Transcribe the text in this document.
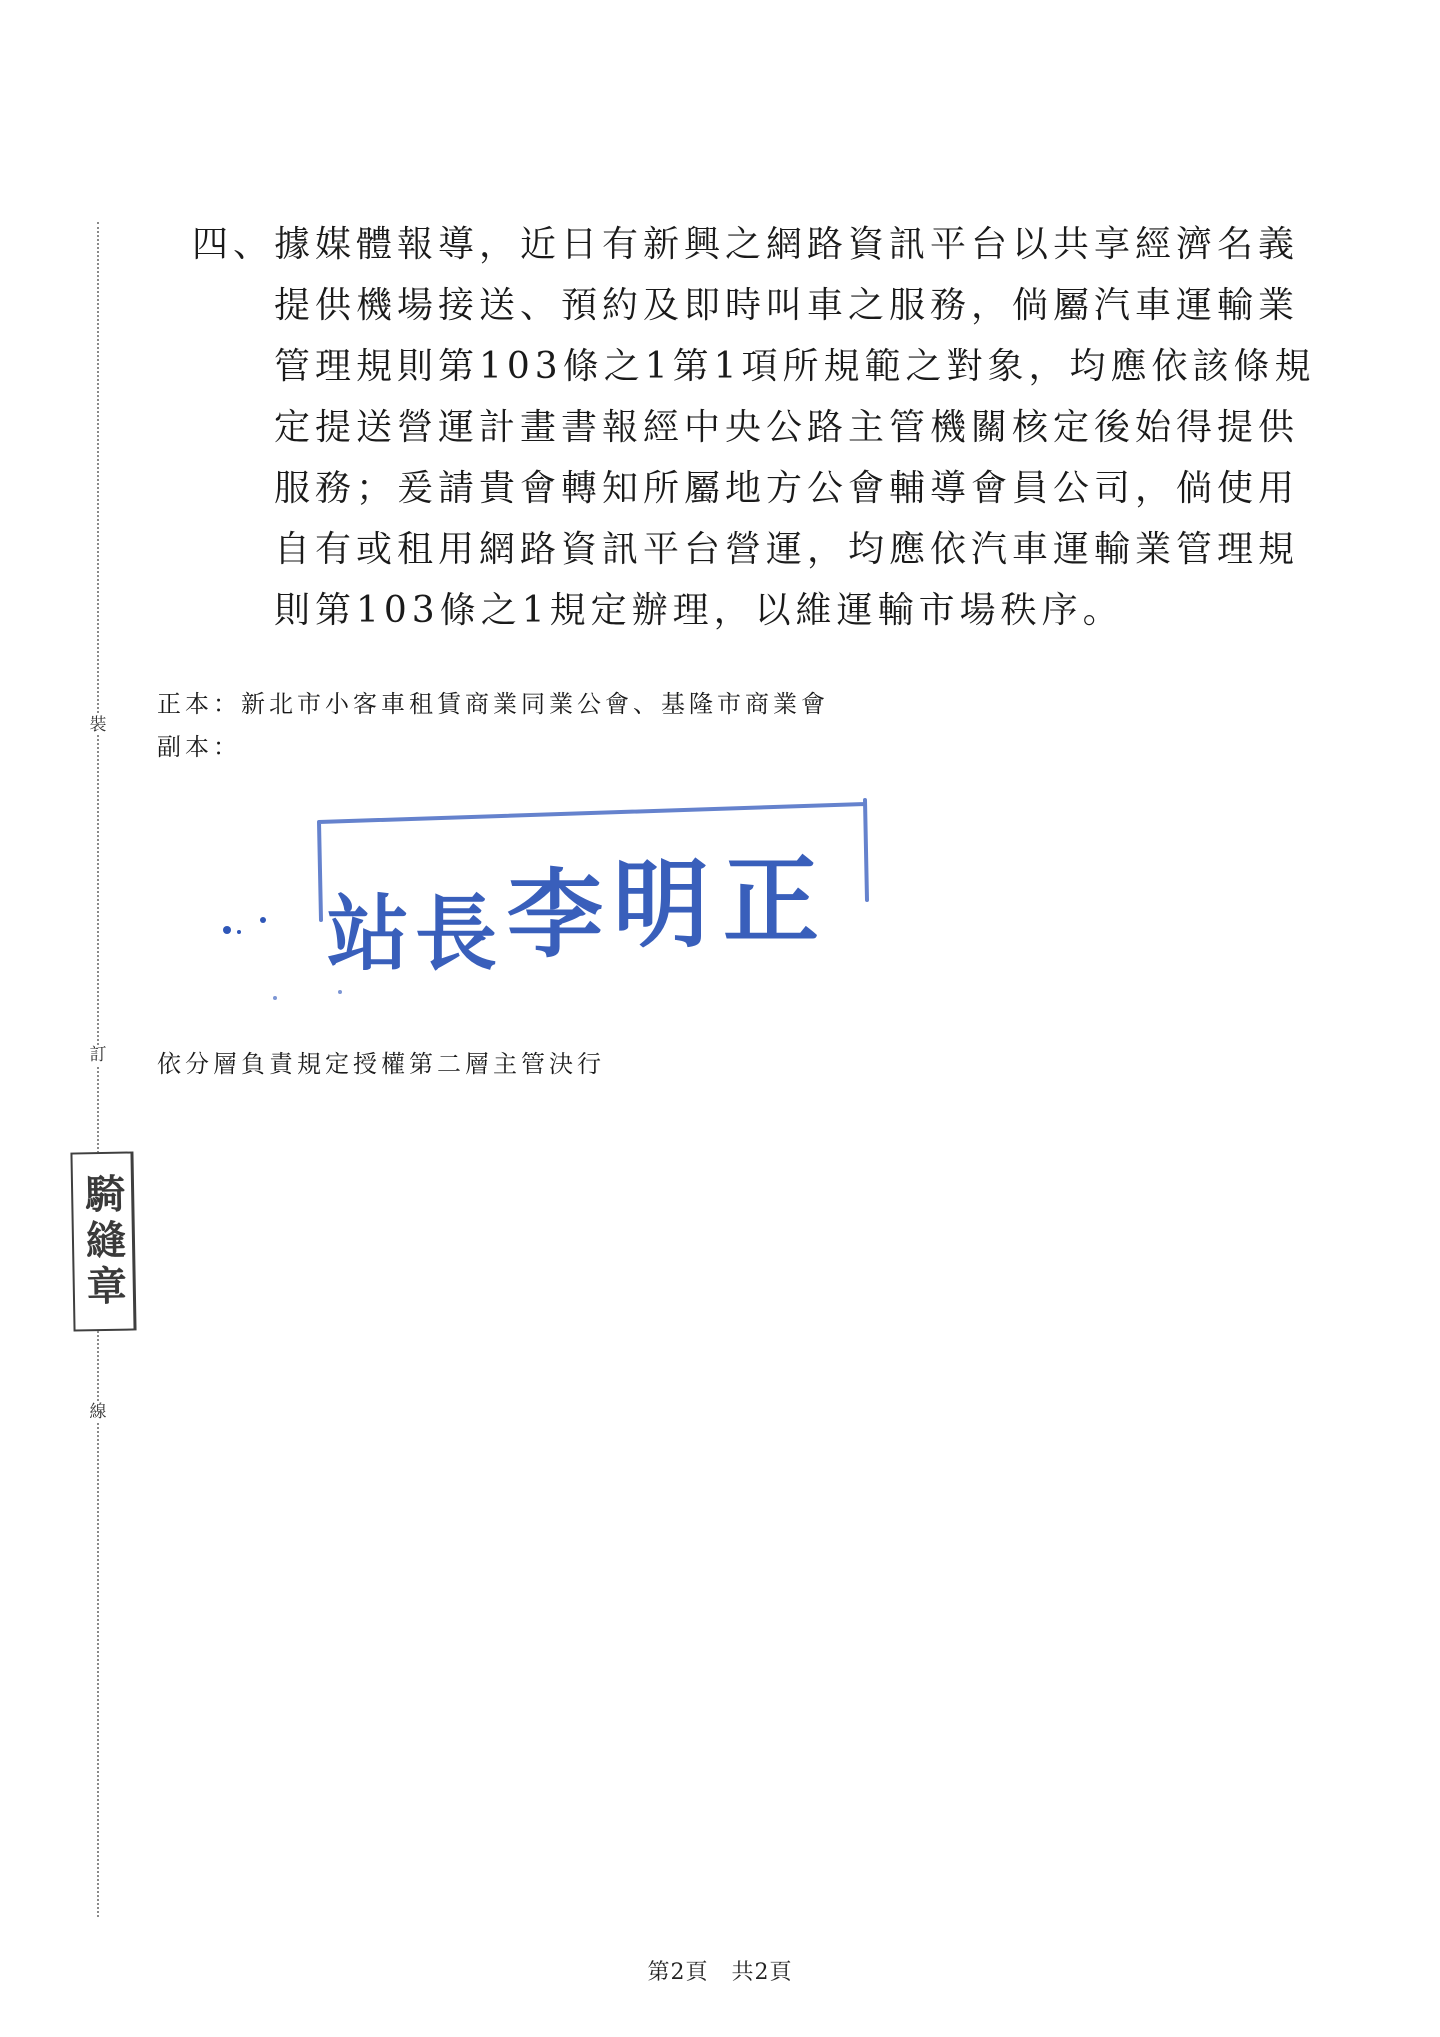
裝
訂
線
騎縫章
四、 據媒體報導，近日有新興之網路資訊平台以共享經濟名義
提供機場接送、預約及即時叫車之服務，倘屬汽車運輸業
管理規則第103條之1第1項所規範之對象，均應依該條規
定提送營運計畫書報經中央公路主管機關核定後始得提供
服務；爰請貴會轉知所屬地方公會輔導會員公司，倘使用
自有或租用網路資訊平台營運，均應依汽車運輸業管理規
則第103條之1規定辦理，以維運輸市場秩序。
正本：新北市小客車租賃商業同業公會、基隆市商業會
副本：
站長李明 正
依分層負責規定授權第二層主管決行
第2頁　共2頁
